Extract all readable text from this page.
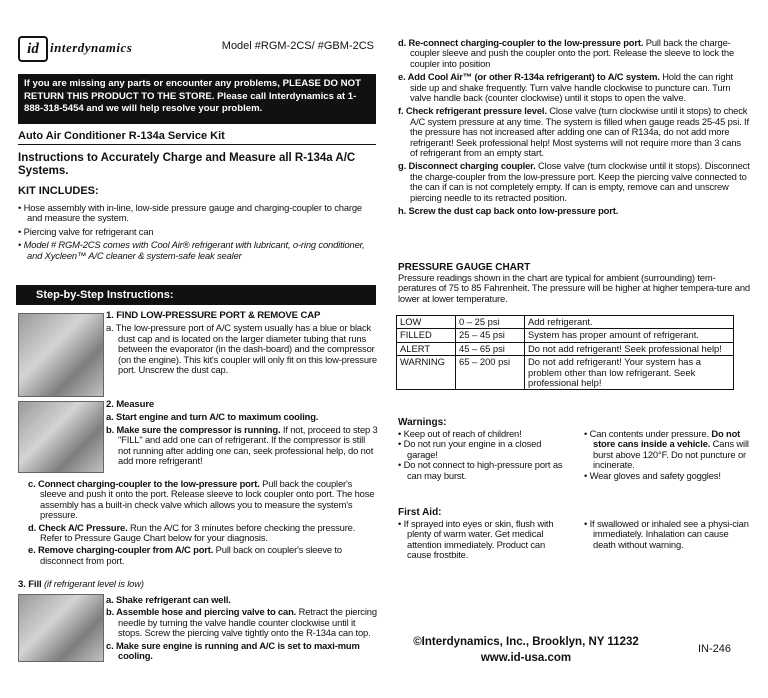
id interdynamics	Model #RGM-2CS/ #GBM-2CS
If you are missing any parts or encounter any problems, PLEASE DO NOT RETURN THIS PRODUCT TO THE STORE. Please call Interdynamics at 1-888-318-5454 and we will help resolve your problem.
Auto Air Conditioner R-134a Service Kit
Instructions to Accurately Charge and Measure all R-134a A/C Systems.
KIT INCLUDES:
• Hose assembly with in-line, low-side pressure gauge and charging-coupler to charge and measure the system.
• Piercing valve for refrigerant can
• Model # RGM-2CS comes with Cool Air® refrigerant with lubricant, o-ring conditioner, and Xycleen™ A/C cleaner & system-safe leak sealer
Step-by-Step Instructions:
1. FIND LOW-PRESSURE PORT & REMOVE CAP
a. The low-pressure port of A/C system usually has a blue or black dust cap and is located on the larger diameter tubing that runs between the evaporator (in the dash-board) and the compressor (on the engine). This kit's coupler will only fit on this low-pressure port. Unscrew the dust cap.
2. Measure
a. Start engine and turn A/C to maximum cooling.
b. Make sure the compressor is running. If not, proceed to step 3 "FILL" and add one can of refrigerant. If the compressor is still not running after adding one can, seek professional help, do not add more refrigerant!
c. Connect charging-coupler to the low-pressure port. Pull back the coupler's sleeve and push it onto the port. Release sleeve to lock coupler onto port. The hose assembly has a built-in check valve which allows you to measure the system's pressure.
d. Check A/C Pressure. Run the A/C for 3 minutes before checking the pressure. Refer to Pressure Gauge Chart below for your diagnosis.
e. Remove charging-coupler from A/C port. Pull back on coupler's sleeve to disconnect from port.
3. Fill (if refrigerant level is low)
a. Shake refrigerant can well.
b. Assemble hose and piercing valve to can. Retract the piercing needle by turning the valve handle counter clockwise until it stops. Screw the piercing valve tightly onto the R-134a can top.
c. Make sure engine is running and A/C is set to maxi-mum cooling.
d. Re-connect charging-coupler to the low-pressure port. Pull back the charge-coupler sleeve and push the coupler onto the port. Release the sleeve to lock the coupler into position
e. Add Cool Air™ (or other R-134a refrigerant) to A/C system. Hold the can right side up and shake frequently. Turn valve handle clockwise to puncture can. Turn valve handle back (counter clockwise) until it stops to open the valve.
f. Check refrigerant pressure level. Close valve (turn clockwise until it stops) to check A/C system pressure at any time. The system is filled when gauge reads 25-45 psi. If the pressure has not increased after adding one can of R134a, do not add more refrigerant! Seek professional help! Most systems will not require more than 3 cans of refrigerant from an empty start.
g. Disconnect charging coupler. Close valve (turn clockwise until it stops). Disconnect the charge-coupler from the low-pressure port. Keep the piercing valve connected to the can if can is not completely empty. If can is empty, remove can and unscrew piercing needle to its retracted position.
h. Screw the dust cap back onto low-pressure port.
PRESSURE GAUGE CHART
Pressure readings shown in the chart are typical for ambient (surrounding) tem-peratures of 75 to 85 Fahrenheit. The pressure will be higher at higher tempera-ture and lower at lower temperature.
LOW	0 – 25 psi	Add refrigerant.
FILLED	25 – 45 psi	System has proper amount of refrigerant.
ALERT	45 – 65 psi	Do not add refrigerant! Seek professional help!
WARNING	65 – 200 psi	Do not add refrigerant! Your system has a problem other than low refrigerant. Seek professional help!
Warnings:
• Keep out of reach of children!
• Do not run your engine in a closed garage!
• Do not connect to high-pressure port as can may burst.
• Can contents under pressure. Do not store cans inside a vehicle. Cans will burst above 120°F. Do not puncture or incinerate.
• Wear gloves and safety goggles!
First Aid:
• If sprayed into eyes or skin, flush with plenty of warm water. Get medical attention immediately. Product can cause frostbite.
• If swallowed or inhaled see a physi-cian immediately. Inhalation can cause death without warning.
©Interdynamics, Inc., Brooklyn, NY 11232
www.id-usa.com
IN-246
